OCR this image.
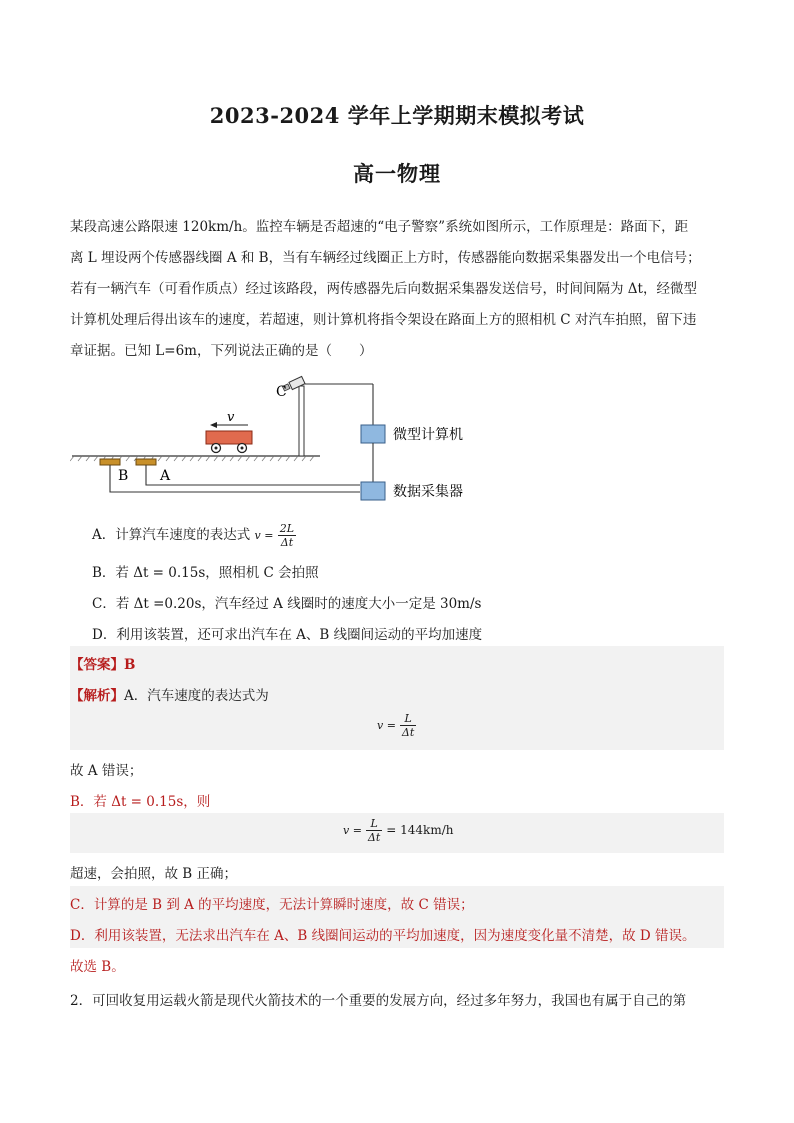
2023-2024 学年上学期期末模拟考试
高一物理
某段高速公路限速 120km/h。监控车辆是否超速的“电子警察”系统如图所示，工作原理是：路面下，距
离 L 埋设两个传感器线圈 A 和 B，当有车辆经过线圈正上方时，传感器能向数据采集器发出一个电信号；
若有一辆汽车（可看作质点）经过该路段，两传感器先后向数据采集器发送信号，时间间隔为 Δt，经微型
计算机处理后得出该车的速度，若超速，则计算机将指令架设在路面上方的照相机 C 对汽车拍照，留下违
章证据。已知 L=6m，下列说法正确的是（　　）
B A
v
C
微型计算机
数据采集器
A．计算汽车速度的表达式 $v = \frac{2L}{\Delta t}$
B．若 Δt = 0.15s，照相机 C 会拍照
C．若 Δt =0.20s，汽车经过 A 线圈时的速度大小一定是 30m/s
D．利用该装置，还可求出汽车在 A、B 线圈间运动的平均加速度
【答案】B
【解析】A．汽车速度的表达式为
$v = \frac{L}{\Delta t}$
故 A 错误；
B．若 Δt = 0.15s，则
$v = \frac{L}{\Delta t} = 144km/h$
超速，会拍照，故 B 正确；
C．计算的是 B 到 A 的平均速度，无法计算瞬时速度，故 C 错误；
D．利用该装置，无法求出汽车在 A、B 线圈间运动的平均加速度，因为速度变化量不清楚，故 D 错误。
故选 B。
2．可回收复用运载火箭是现代火箭技术的一个重要的发展方向，经过多年努力，我国也有属于自己的第
